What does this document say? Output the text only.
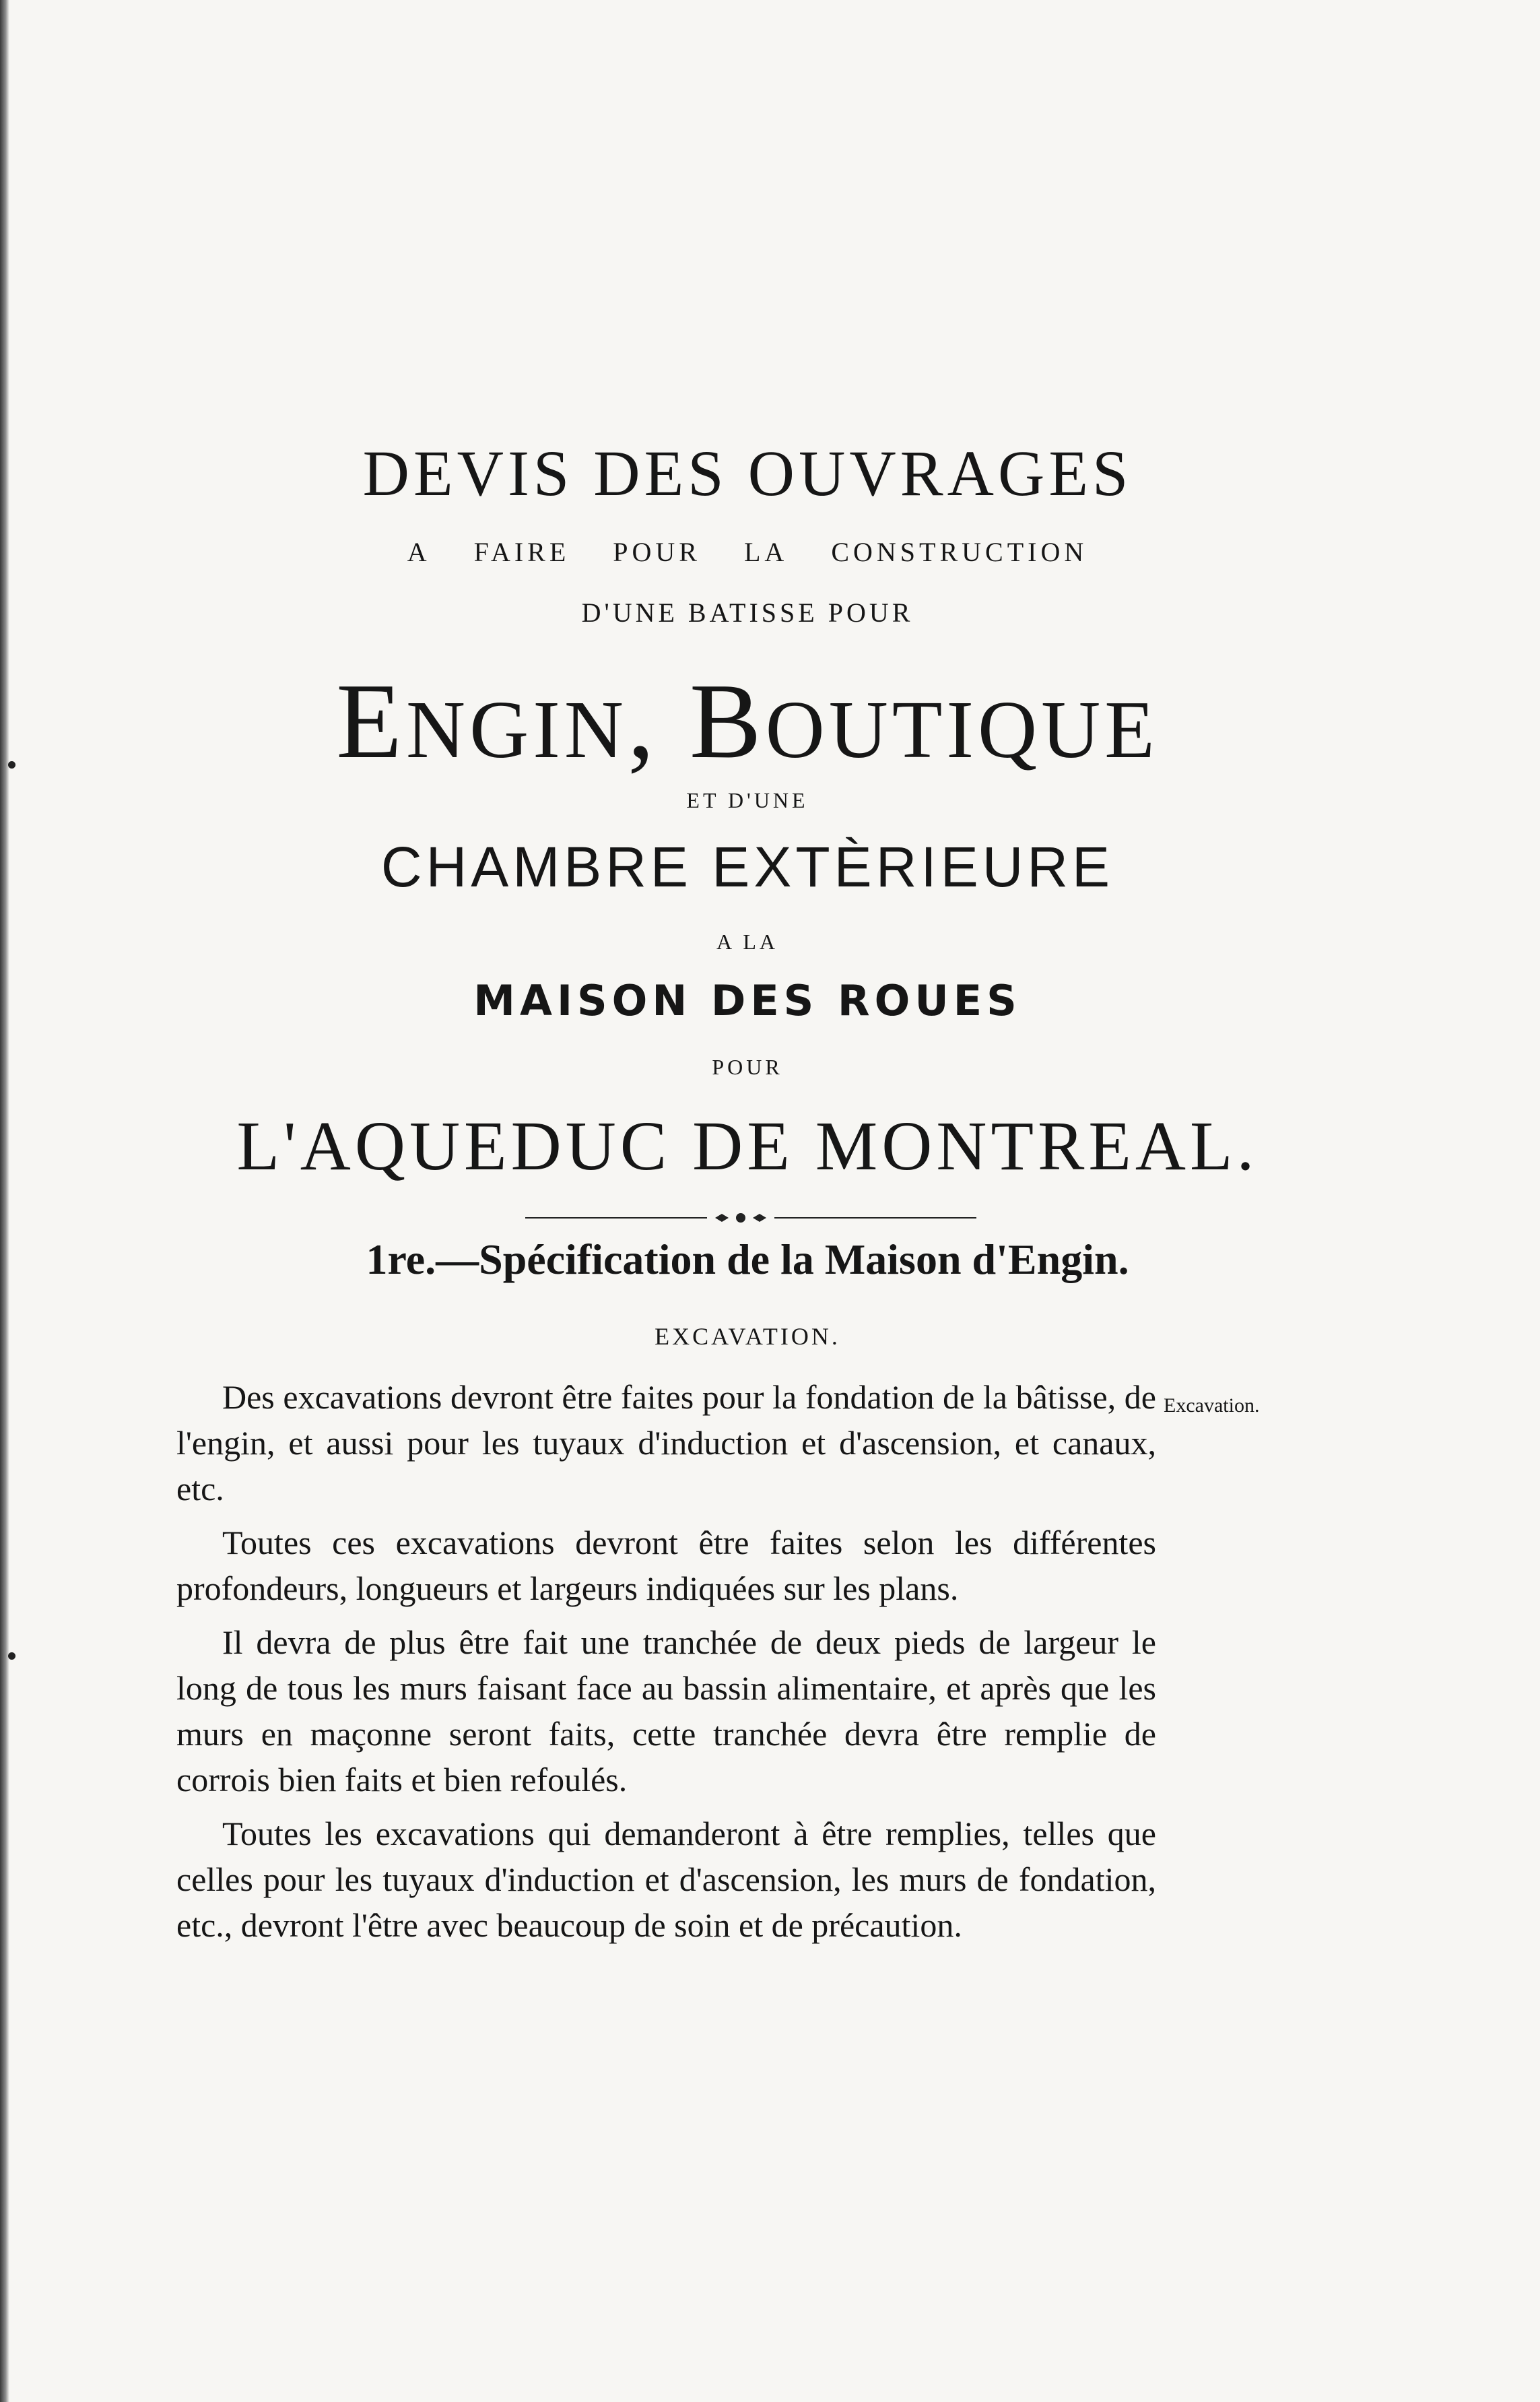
DEVIS DES OUVRAGES
A FAIRE POUR LA CONSTRUCTION
D'UNE BATISSE POUR
ENGIN, BOUTIQUE
ET D'UNE
CHAMBRE EXTÈRIEURE
A LA
MAISON DES ROUES
POUR
L'AQUEDUC DE MONTREAL.
1re.—Spécification de la Maison d'Engin.
EXCAVATION.

Des excavations devront être faites pour la fondation de la bâtisse, de l'engin, et aussi pour les tuyaux d'induction et d'ascension, et canaux, etc.

Toutes ces excavations devront être faites selon les différentes profondeurs, longueurs et largeurs indiquées sur les plans.

Il devra de plus être fait une tranchée de deux pieds de largeur le long de tous les murs faisant face au bassin alimentaire, et après que les murs en maçonne seront faits, cette tranchée devra être remplie de corrois bien faits et bien refoulés.

Toutes les excavations qui demanderont à être remplies, telles que celles pour les tuyaux d'induction et d'ascension, les murs de fondation, etc., devront l'être avec beaucoup de soin et de précaution.

Excavation.
